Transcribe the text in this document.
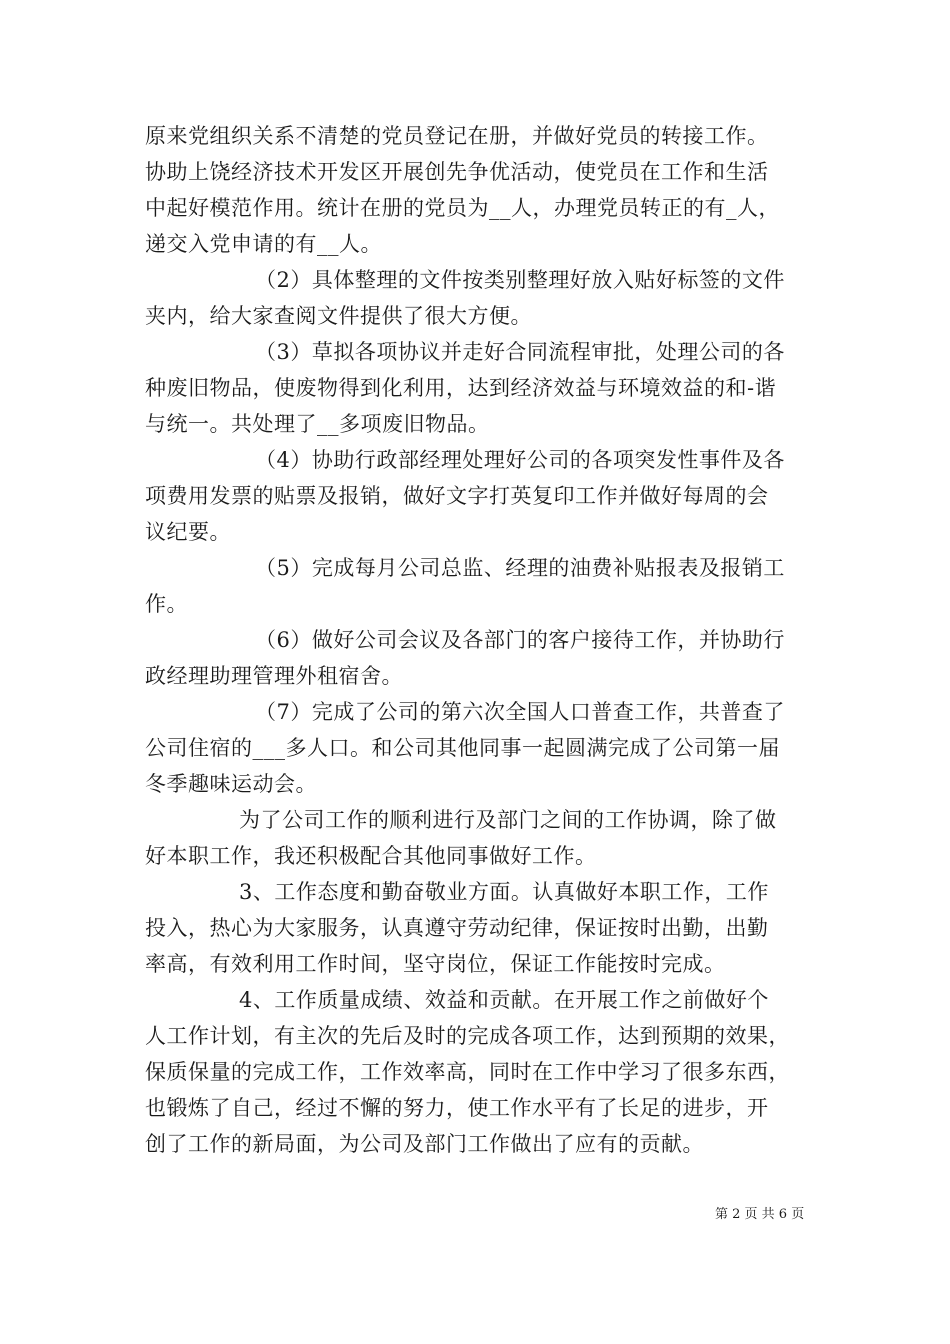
原来党组织关系不清楚的党员登记在册，并做好党员的转接工作。
协助上饶经济技术开发区开展创先争优活动，使党员在工作和生活
中起好模范作用。统计在册的党员为__人，办理党员转正的有_人，
递交入党申请的有__人。
（2）具体整理的文件按类别整理好放入贴好标签的文件
夹内，给大家查阅文件提供了很大方便。
（3）草拟各项协议并走好合同流程审批，处理公司的各
种废旧物品，使废物得到化利用，达到经济效益与环境效益的和-谐
与统一。共处理了__多项废旧物品。
（4）协助行政部经理处理好公司的各项突发性事件及各
项费用发票的贴票及报销，做好文字打英复印工作并做好每周的会
议纪要。
（5）完成每月公司总监、经理的油费补贴报表及报销工
作。
（6）做好公司会议及各部门的客户接待工作，并协助行
政经理助理管理外租宿舍。
（7）完成了公司的第六次全国人口普查工作，共普查了
公司住宿的___多人口。和公司其他同事一起圆满完成了公司第一届
冬季趣味运动会。
为了公司工作的顺利进行及部门之间的工作协调，除了做
好本职工作，我还积极配合其他同事做好工作。
3、工作态度和勤奋敬业方面。认真做好本职工作，工作
投入，热心为大家服务，认真遵守劳动纪律，保证按时出勤，出勤
率高，有效利用工作时间，坚守岗位，保证工作能按时完成。
4、工作质量成绩、效益和贡献。在开展工作之前做好个
人工作计划，有主次的先后及时的完成各项工作，达到预期的效果，
保质保量的完成工作，工作效率高，同时在工作中学习了很多东西，
也锻炼了自己，经过不懈的努力，使工作水平有了长足的进步，开
创了工作的新局面，为公司及部门工作做出了应有的贡献。
第 2 页 共 6 页
